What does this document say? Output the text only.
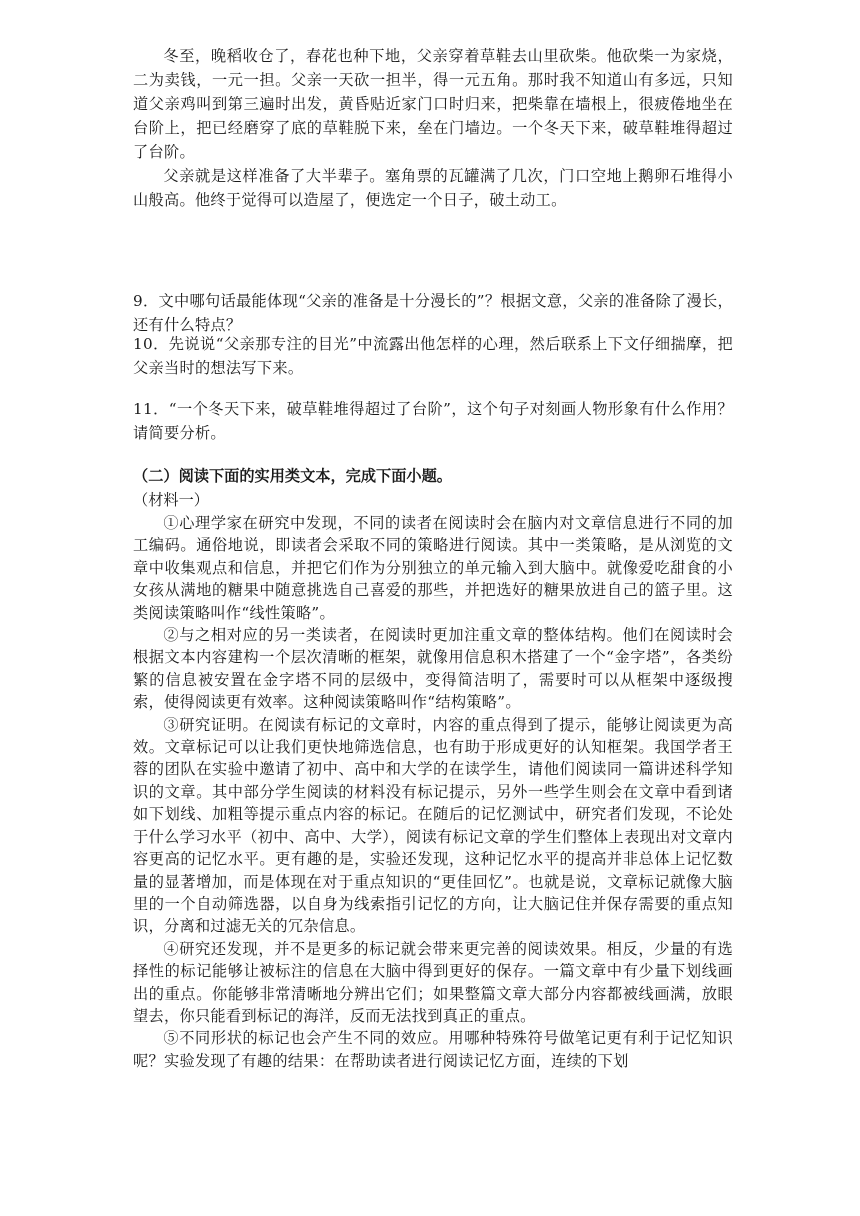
冬至，晚稻收仓了，春花也种下地，父亲穿着草鞋去山里砍柴。他砍柴一为家烧，二为卖钱，一元一担。父亲一天砍一担半，得一元五角。那时我不知道山有多远，只知道父亲鸡叫到第三遍时出发，黄昏贴近家门口时归来，把柴靠在墙根上，很疲倦地坐在台阶上，把已经磨穿了底的草鞋脱下来，垒在门墙边。一个冬天下来，破草鞋堆得超过了台阶。

父亲就是这样准备了大半辈子。塞角票的瓦罐满了几次，门口空地上鹅卵石堆得小山般高。他终于觉得可以造屋了，便选定一个日子，破土动工。

9．文中哪句话最能体现“父亲的准备是十分漫长的”？根据文意，父亲的准备除了漫长，还有什么特点？

10．先说说“父亲那专注的目光”中流露出他怎样的心理，然后联系上下文仔细揣摩，把父亲当时的想法写下来。

11．“一个冬天下来，破草鞋堆得超过了台阶”，这个句子对刻画人物形象有什么作用？请简要分析。

（二）阅读下面的实用类文本，完成下面小题。

（材料一）

①心理学家在研究中发现，不同的读者在阅读时会在脑内对文章信息进行不同的加工编码。通俗地说，即读者会采取不同的策略进行阅读。其中一类策略，是从浏览的文章中收集观点和信息，并把它们作为分别独立的单元输入到大脑中。就像爱吃甜食的小女孩从满地的糖果中随意挑选自己喜爱的那些，并把选好的糖果放进自己的篮子里。这类阅读策略叫作“线性策略”。

②与之相对应的另一类读者，在阅读时更加注重文章的整体结构。他们在阅读时会根据文本内容建构一个层次清晰的框架，就像用信息积木搭建了一个“金字塔”，各类纷繁的信息被安置在金字塔不同的层级中，变得简洁明了，需要时可以从框架中逐级搜索，使得阅读更有效率。这种阅读策略叫作“结构策略”。

③研究证明。在阅读有标记的文章时，内容的重点得到了提示，能够让阅读更为高效。文章标记可以让我们更快地筛选信息，也有助于形成更好的认知框架。我国学者王蓉的团队在实验中邀请了初中、高中和大学的在读学生，请他们阅读同一篇讲述科学知识的文章。其中部分学生阅读的材料没有标记提示，另外一些学生则会在文章中看到诸如下划线、加粗等提示重点内容的标记。在随后的记忆测试中，研究者们发现，不论处于什么学习水平（初中、高中、大学），阅读有标记文章的学生们整体上表现出对文章内容更高的记忆水平。更有趣的是，实验还发现，这种记忆水平的提高并非总体上记忆数量的显著增加，而是体现在对于重点知识的“更佳回忆”。也就是说，文章标记就像大脑里的一个自动筛选器，以自身为线索指引记忆的方向，让大脑记住并保存需要的重点知识，分离和过滤无关的冗杂信息。

④研究还发现，并不是更多的标记就会带来更完善的阅读效果。相反，少量的有选择性的标记能够让被标注的信息在大脑中得到更好的保存。一篇文章中有少量下划线画出的重点。你能够非常清晰地分辨出它们；如果整篇文章大部分内容都被线画满，放眼望去，你只能看到标记的海洋，反而无法找到真正的重点。

⑤不同形状的标记也会产生不同的效应。用哪种特殊符号做笔记更有利于记忆知识呢？实验发现了有趣的结果：在帮助读者进行阅读记忆方面，连续的下划
